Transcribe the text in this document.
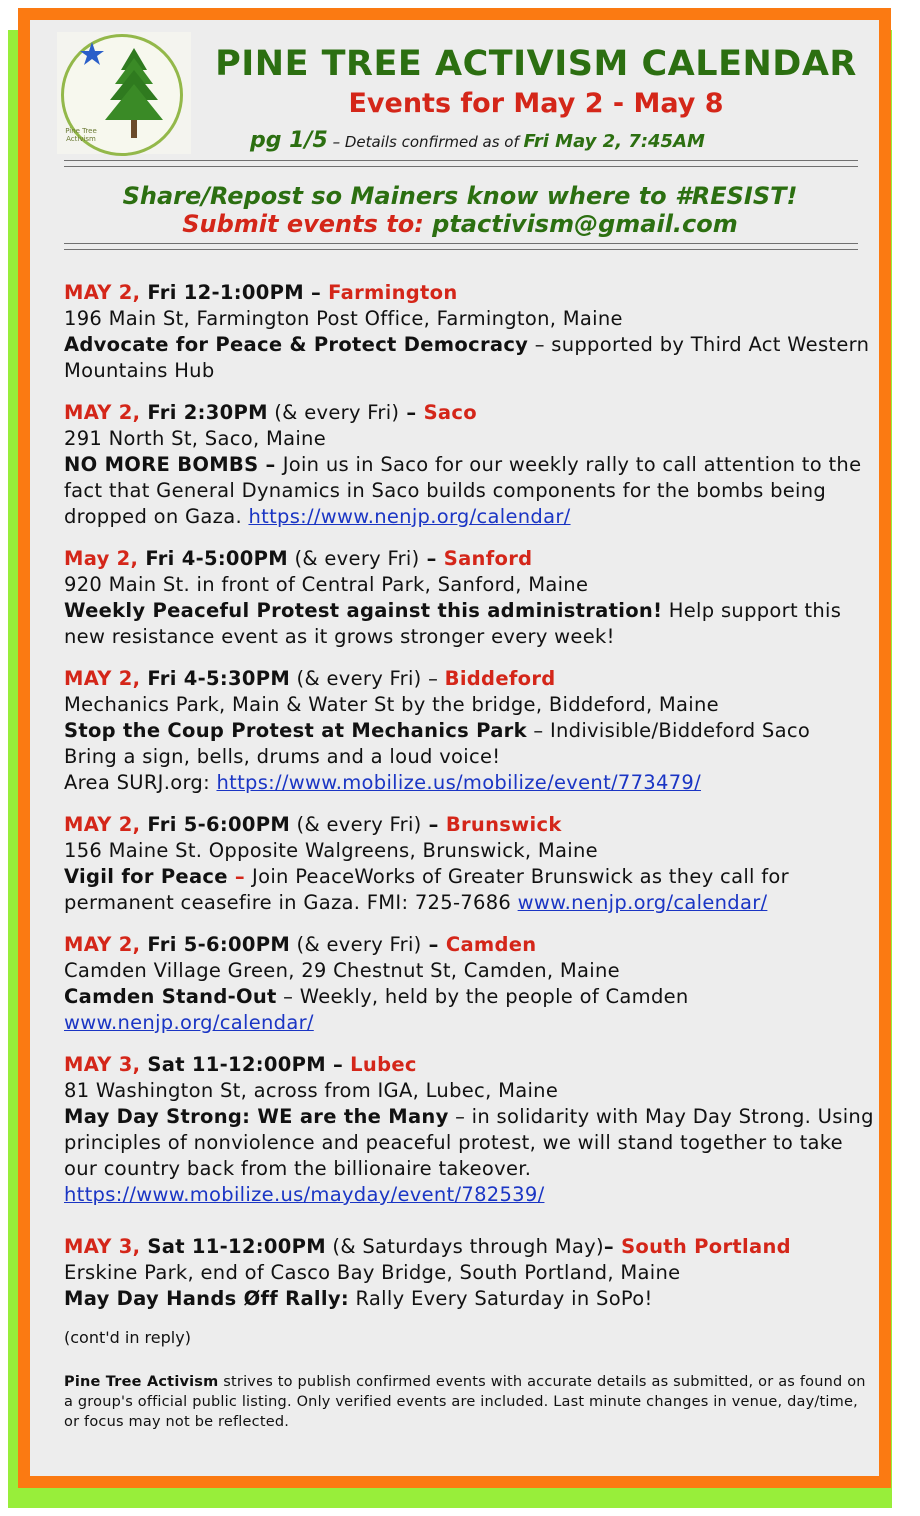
Pine Tree Activism
PINE TREE ACTIVISM CALENDAR
Events for May 2 - May 8
pg 1/5 – Details confirmed as of Fri May 2, 7:45AM
Share/Repost so Mainers know where to #RESIST!
Submit events to: ptactivism@gmail.com

MAY 2, Fri 12-1:00PM – Farmington

196 Main St, Farmington Post Office, Farmington, Maine

Advocate for Peace & Protect Democracy – supported by Third Act Western Mountains Hub

MAY 2, Fri 2:30PM (& every Fri) – Saco

291 North St, Saco, Maine

NO MORE BOMBS – Join us in Saco for our weekly rally to call attention to the fact that General Dynamics in Saco builds components for the bombs being dropped on Gaza. https://www.nenjp.org/calendar/

May 2, Fri 4-5:00PM (& every Fri) – Sanford

920 Main St. in front of Central Park, Sanford, Maine

Weekly Peaceful Protest against this administration! Help support this new resistance event as it grows stronger every week!

MAY 2, Fri 4-5:30PM (& every Fri) – Biddeford

Mechanics Park, Main & Water St by the bridge, Biddeford, Maine

Stop the Coup Protest at Mechanics Park – Indivisible/Biddeford Saco

Bring a sign, bells, drums and a loud voice!

Area SURJ.org: https://www.mobilize.us/mobilize/event/773479/

MAY 2, Fri 5-6:00PM (& every Fri) – Brunswick

156 Maine St. Opposite Walgreens, Brunswick, Maine

Vigil for Peace – Join PeaceWorks of Greater Brunswick as they call for permanent ceasefire in Gaza. FMI: 725-7686 www.nenjp.org/calendar/

MAY 2, Fri 5-6:00PM (& every Fri) – Camden

Camden Village Green, 29 Chestnut St, Camden, Maine

Camden Stand-Out – Weekly, held by the people of Camden

www.nenjp.org/calendar/

MAY 3, Sat 11-12:00PM – Lubec

81 Washington St, across from IGA, Lubec, Maine

May Day Strong: WE are the Many – in solidarity with May Day Strong. Using principles of nonviolence and peaceful protest, we will stand together to take our country back from the billionaire takeover.

https://www.mobilize.us/mayday/event/782539/

MAY 3, Sat 11-12:00PM (& Saturdays through May)– South Portland

Erskine Park, end of Casco Bay Bridge, South Portland, Maine

May Day Hands Øff Rally: Rally Every Saturday in SoPo!

(cont'd in reply)
Pine Tree Activism strives to publish confirmed events with accurate details as submitted, or as found on a group's official public listing. Only verified events are included. Last minute changes in venue, day/time, or focus may not be reflected.
